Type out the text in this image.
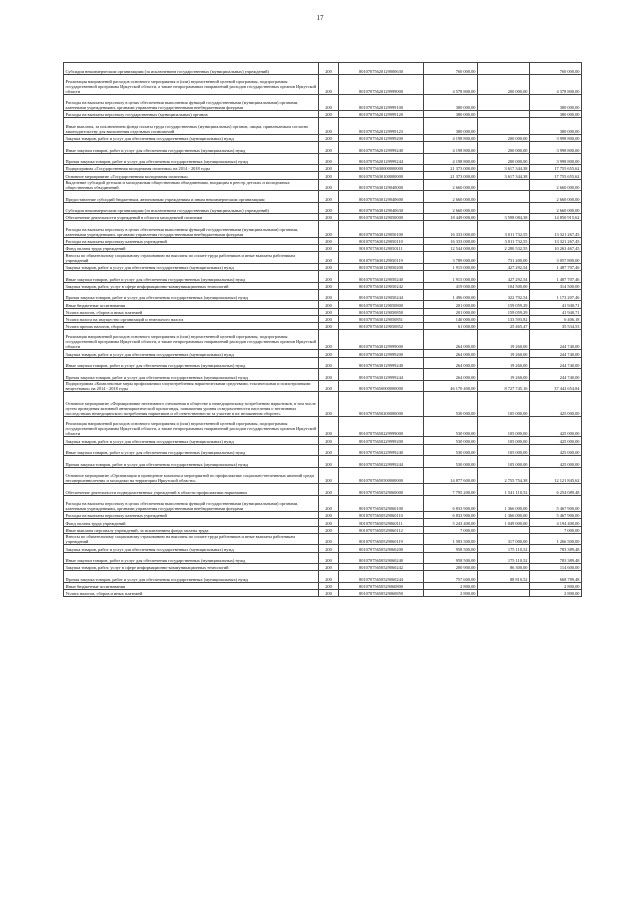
17
Субсидии некоммерческим организациям (за исключением государственных (муниципальных) учреждений)	200	80107075620129000630	760 000,00		760 000,00
Реализация направлений расходов основного мероприятия и (или) ведомственной целевой программы, подпрограммы государственной программы Иркутской области, а также непрограммных направлений расходов государственных органов Иркутской области	200	80107075620129999000	4 578 800,00	200 000,00	4 378 800,00
Расходы на выплаты персоналу в целях обеспечения выполнения функций государственными (муниципальными) органами, казенными учреждениями, органами управления государственными внебюджетными фондами	200	80107075620129999100	380 000,00		380 000,00
Расходы на выплаты персоналу государственных (муниципальных) органов	200	80107075620129999120	380 000,00		380 000,00
Иные выплаты, за исключением фонда оплаты труда государственных (муниципальных) органов, лицам, привлекаемым согласно законодательству для выполнения отдельных полномочий	200	80107075620129999123	380 000,00		380 000,00
Закупка товаров, работ и услуг для обеспечения государственных (муниципальных) нужд	200	80107075620129999200	4 198 800,00	200 000,00	3 998 800,00
Иные закупки товаров, работ и услуг для обеспечения государственных (муниципальных) нужд	200	80107075620129999240	4 198 800,00	200 000,00	3 998 800,00
Прочая закупка товаров, работ и услуг для обеспечения государственных (муниципальных) нужд	200	80107075620129999244	4 198 800,00	200 000,00	3 998 800,00
Подпрограмма «Государственная молодежная политика» на 2014 - 2018 годы	200	80107075630000000000	21 373 000,00	3 617 344,38	17 755 655,62
Основное мероприятие «Государственная молодежная политика»	200	80107075630100000000	21 373 000,00	3 617 344,38	17 755 655,62
Выделение субсидий детским и молодежным общественным объединениям, входящим в реестр детских и молодежных общественных объединений	200	80107075630129040000	2 660 000,00		2 660 000,00
Предоставление субсидий бюджетным, автономным учреждениям и иным некоммерческим организациям	200	80107075630129040600	2 660 000,00		2 660 000,00
Субсидии некоммерческим организациям (за исключением государственных (муниципальных) учреждений)	200	80107075630129040630	2 660 000,00		2 660 000,00
Обеспечение деятельности учреждений в области молодежной политики	200	80107075630129050000	18 449 000,00	3 598 084,38	14 850 915,62
Расходы на выплаты персоналу в целях обеспечения выполнения функций государственными (муниципальными) органами, казенными учреждениями, органами управления государственными внебюджетными фондами	200	80107075630129050100	16 333 000,00	3 011 732,55	13 321 267,45
Расходы на выплаты персоналу казенных учреждений	200	80107075630129050110	16 333 000,00	3 011 732,55	13 321 267,45
Фонд оплаты труда учреждений	200	80107075630129050111	12 544 000,00	2 280 532,55	10 263 467,45
Взносы по обязательному социальному страхованию на выплаты по оплате труда работников и иные выплаты работникам учреждений	200	80107075630129050119	3 789 000,00	731 200,00	3 057 800,00
Закупка товаров, работ и услуг для обеспечения государственных (муниципальных) нужд	200	80107075630129050200	1 915 000,00	427 292,54	1 487 707,46
Иные закупки товаров, работ и услуг для обеспечения государственных (муниципальных) нужд	200	80107075630129050240	1 915 000,00	427 292,54	1 487 707,46
Закупка товаров, работ, услуг в сфере информационно-коммуникационных технологий	200	80107075630129050242	419 000,00	104 500,00	314 500,00
Прочая закупка товаров, работ и услуг для обеспечения государственных (муниципальных) нужд	200	80107075630129050244	1 496 000,00	322 792,54	1 173 207,46
Иные бюджетные ассигнования	200	80107075630129050800	201 000,00	159 059,29	41 940,71
Уплата налогов, сборов и иных платежей	200	80107075630129050850	201 000,00	159 059,29	41 940,71
Уплата налога на имущество организаций и земельного налога	200	80107075630129050851	140 000,00	133 593,82	6 406,18
Уплата прочих налогов, сборов	200	80107075630129050852	61 000,00	25 465,47	35 534,53
Реализация направлений расходов основного мероприятия и (или) ведомственной целевой программы, подпрограммы государственной программы Иркутской области, а также непрограммных направлений расходов государственных органов Иркутской области	200	80107075630129999000	264 000,00	19 260,00	244 740,00
Закупка товаров, работ и услуг для обеспечения государственных (муниципальных) нужд	200	80107075630129999200	264 000,00	19 260,00	244 740,00
Иные закупки товаров, работ и услуг для обеспечения государственных (муниципальных) нужд	200	80107075630129999240	264 000,00	19 260,00	244 740,00
Прочая закупка товаров, работ и услуг для обеспечения государственных (муниципальных) нужд	200	80107075630129999244	264 000,00	19 260,00	244 740,00
Подпрограмма «Комплексные меры профилактики злоупотребления наркотическими средствами, токсическими и психотропными веществами» на 2014 - 2018 годы	200	80107075650000000000	46 170 400,00	8 727 745,16	37 442 654,84
Основное мероприятие «Формирование негативного отношения в обществе к немедицинскому потреблению наркотиков, в том числе путем проведения активной антинаркотической пропаганды, повышения уровня осведомленности населения о негативных последствиях немедицинского потребления наркотиков и об ответственности за участие в их незаконном обороте»	200	80107075650200000000	530 000,00	105 000,00	425 000,00
Реализация направлений расходов основного мероприятия и (или) ведомственной целевой программы, подпрограммы государственной программы Иркутской области, а также непрограммных направлений расходов государственных органов Иркутской области	200	80107075650229999000	530 000,00	105 000,00	425 000,00
Закупка товаров, работ и услуг для обеспечения государственных (муниципальных) нужд	200	80107075650229999200	530 000,00	105 000,00	425 000,00
Иные закупки товаров, работ и услуг для обеспечения государственных (муниципальных) нужд	200	80107075650229999240	530 000,00	105 000,00	425 000,00
Прочая закупка товаров, работ и услуг для обеспечения государственных (муниципальных) нужд	200	80107075650229999244	530 000,00	105 000,00	425 000,00
Основное мероприятие «Организация и проведение комплекса мероприятий по профилактике социально-негативных явлений среди несовершеннолетних и молодежи на территории Иркутской области»	200	80107075650500000000	14 877 600,00	2 755 754,38	12 121 845,62
Обеспечение деятельности подведомственных учреждений в области профилактики наркомании	200	80107075650529060000	7 795 200,00	1 541 110,52	6 254 089,48
Расходы на выплаты персоналу в целях обеспечения выполнения функций государственными (муниципальными) органами, казенными учреждениями, органами управления государственными внебюджетными фондами	200	80107075650529060100	6 833 900,00	1 366 000,00	5 467 900,00
Расходы на выплаты персоналу казенных учреждений	200	80107075650529060110	6 833 900,00	1 366 000,00	5 467 900,00
Фонд оплаты труда учреждений	200	80107075650529060111	5 243 400,00	1 049 000,00	4 194 400,00
Иные выплаты персоналу учреждений, за исключением фонда оплаты труда	200	80107075650529060112	7 000,00		7 000,00
Взносы по обязательному социальному страхованию на выплаты по оплате труда работников и иные выплаты работникам учреждений	200	80107075650529060119	1 583 500,00	317 000,00	1 266 500,00
Закупка товаров, работ и услуг для обеспечения государственных (муниципальных) нужд	200	80107075650529060200	958 500,00	175 110,52	783 389,48
Иные закупки товаров, работ и услуг для обеспечения государственных (муниципальных) нужд	200	80107075650529060240	958 500,00	175 110,52	783 389,48
Закупка товаров, работ, услуг в сфере информационно-коммуникационных технологий	200	80107075650529060242	200 900,00	86 300,00	114 600,00
Прочая закупка товаров, работ и услуг для обеспечения государственных (муниципальных) нужд	200	80107075650529060244	757 600,00	88 810,52	668 789,48
Иные бюджетные ассигнования	200	80107075650529060800	2 800,00		2 800,00
Уплата налогов, сборов и иных платежей	200	80107075650529060850	2 800,00		2 800,00
